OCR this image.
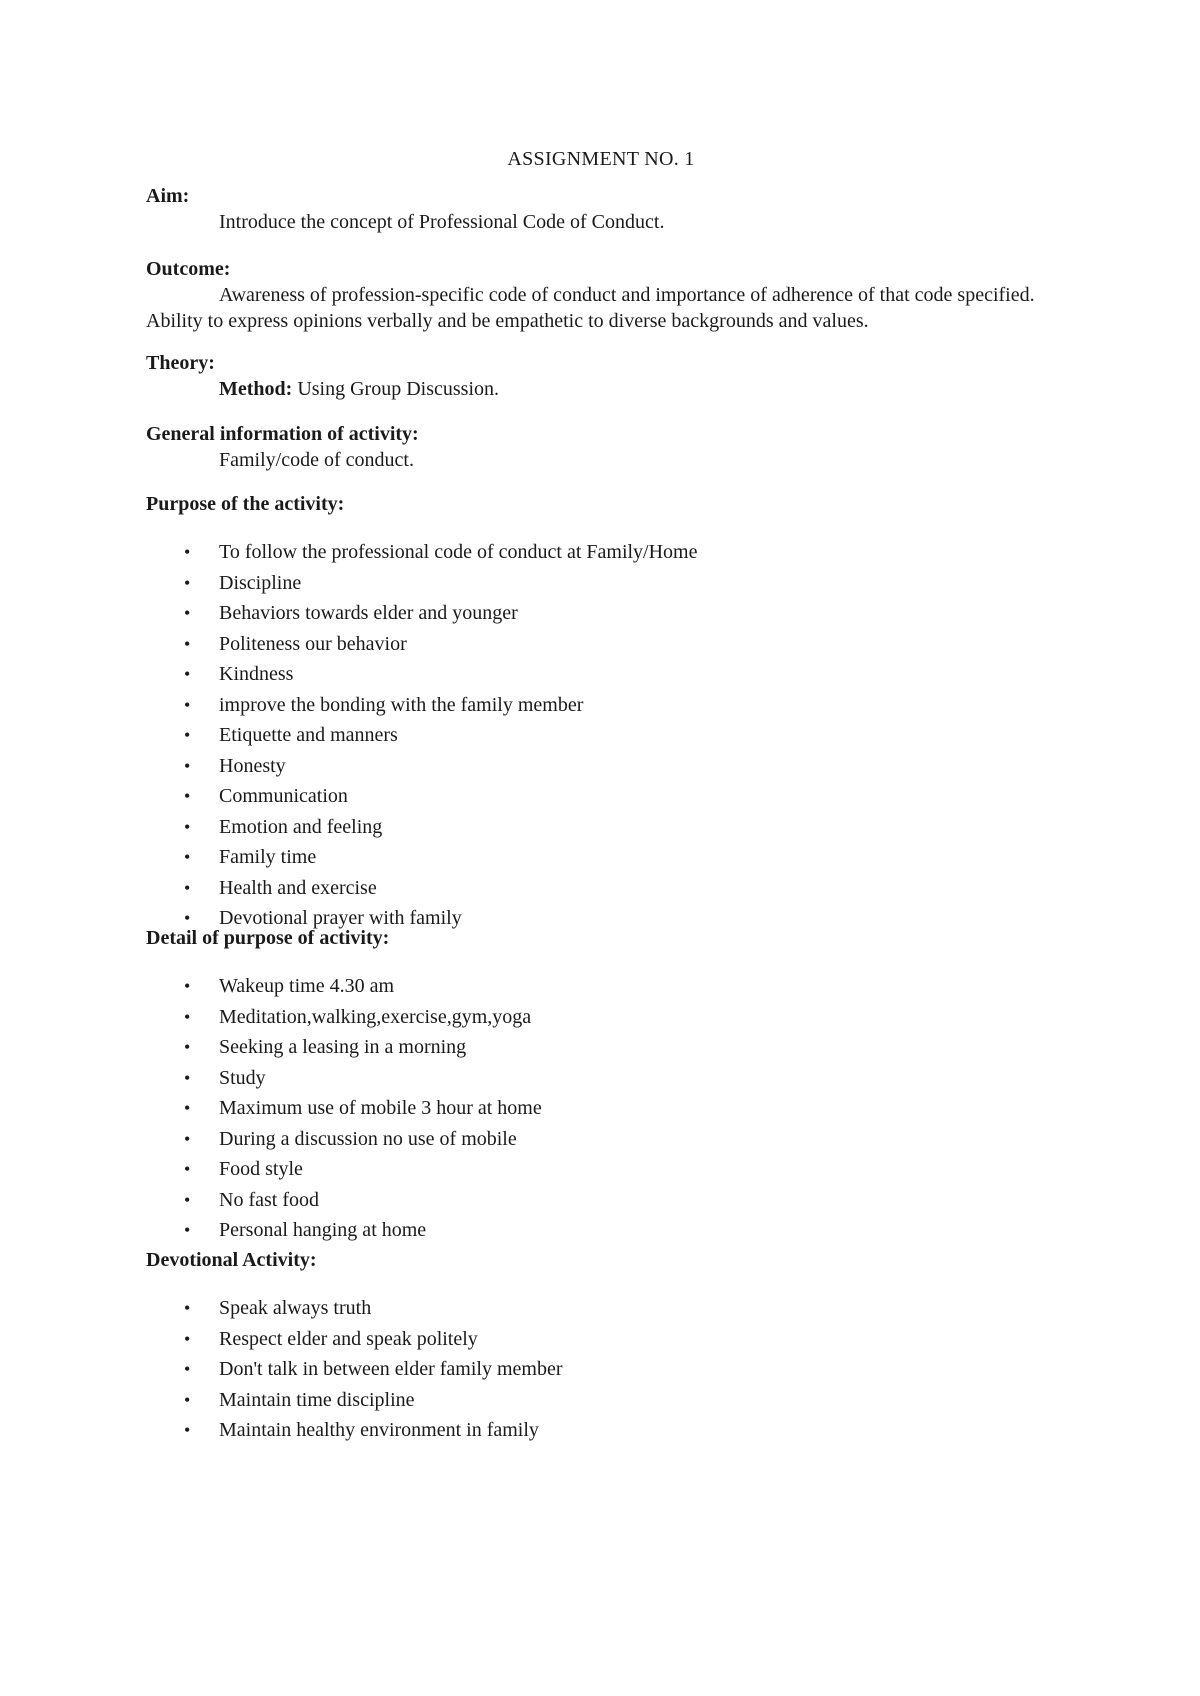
ASSIGNMENT NO. 1
Aim:
Introduce the concept of Professional Code of Conduct.
Outcome:
Awareness of profession-specific code of conduct and importance of adherence of that code specified. Ability to express opinions verbally and be empathetic to diverse backgrounds and values.
Theory:
Method: Using Group Discussion.
General information of activity:
Family/code of conduct.
Purpose of the activity:
• To follow the professional code of conduct at Family/Home
• Discipline
• Behaviors towards elder and younger
• Politeness our behavior
• Kindness
• improve the bonding with the family member
• Etiquette and manners
• Honesty
• Communication
• Emotion and feeling
• Family time
• Health and exercise
• Devotional prayer with family
Detail of purpose of activity:
• Wakeup time 4.30 am
• Meditation,walking,exercise,gym,yoga
• Seeking a leasing in a morning
• Study
• Maximum use of mobile 3 hour at home
• During a discussion no use of mobile
• Food style
• No fast food
• Personal hanging at home
Devotional Activity:
• Speak always truth
• Respect elder and speak politely
• Don't talk in between elder family member
• Maintain time discipline
• Maintain healthy environment in family
